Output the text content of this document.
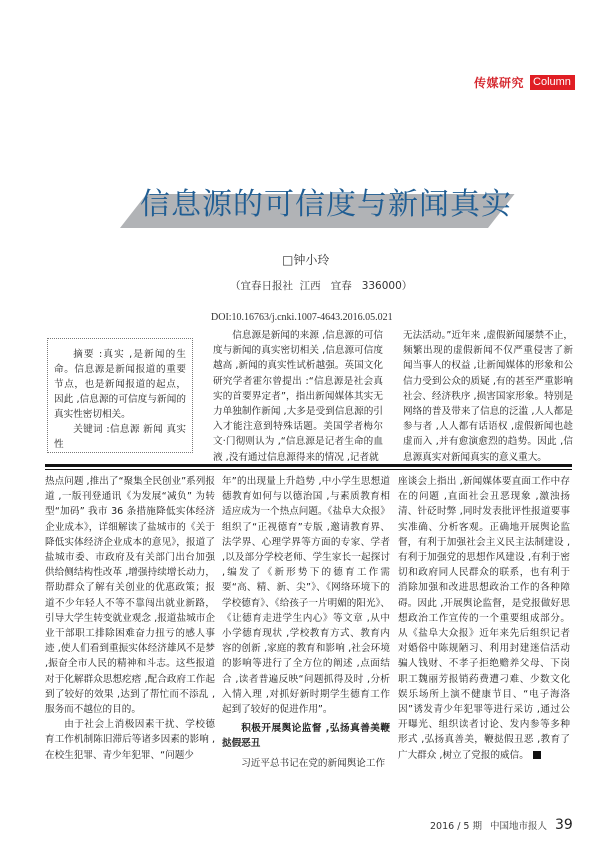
传媒研究 Column
信息源的可信度与新闻真实
□钟小玲
（宜春日报社  江西   宜春   336000）
DOI:10.16763/j.cnki.1007-4643.2016.05.021

摘要 :真实 ,是新闻的生命。信息源是新闻报道的重要节点，也是新闻报道的起点，因此 ,信息源的可信度与新闻的真实性密切相关。

关键词 :信息源 新闻 真实性

信息源是新闻的来源 ,信息源的可信度与新闻的真实密切相关 ,信息源可信度越高 ,新闻的真实性试析越强。英国文化研究学者霍尔曾提出 :“信息源是社会真实的首要界定者”，指出新闻媒体其实无力单独制作新闻 ,大多是受到信息源的引入才能注意到特殊话题。美国学者梅尔文·门彻则认为 ,“信息源是记者生命的血液 ,没有通过信息源得来的情况 ,记者就

无法活动。”近年来 ,虚假新闻屡禁不止，频繁出现的虚假新闻不仅严重侵害了新闻当事人的权益 ,让新闻媒体的形象和公信力受到公众的质疑 ,有的甚至严重影响社会、经济秩序 ,损害国家形象。特别是网络的普及带来了信息的泛滥 ,人人都是参与者 ,人人都有话语权 ,虚假新闻也趁虚而入 ,并有愈演愈烈的趋势。因此 ,信息源真实对新闻真实的意义重大。

热点问题 ,推出了“聚集全民创业”系列报道 ,一版刊登通讯《为发展“减负” 为转型“加码” 我市 36 条措施降低实体经济企业成本》，详细解读了盐城市的《关于降低实体经济企业成本的意见》，报道了盐城市委、市政府及有关部门出台加强供给侧结构性改革 ,增强持续增长动力，帮助群众了解有关创业的优惠政策；报道不少年轻人不等不靠闯出就业新路，引导大学生转变就业观念 ,报道盐城市企业干部职工排除困难奋力扭亏的感人事迹 ,使人们看到重振实体经济雄风不是梦 ,振奋全市人民的精神和斗志。这些报道对于化解群众思想疙瘩 ,配合政府工作起到了较好的效果 ,达到了帮忙而不添乱 ,服务而不越位的目的。

由于社会上消极因素干扰、学校德育工作机制陈旧滞后等诸多因素的影响 ,在校生犯罪、青少年犯罪、“问题少

年”的出现量上升趋势 ,中小学生思想道德教育如何与以德治国 ,与素质教育相适应成为一个热点问题。《盐阜大众报》组织了“正视德育”专版 ,邀请教育界、法学界、心理学界等方面的专家、学者 ,以及部分学校老师、学生家长一起探讨 ,编发了《新形势下的德育工作需要“高、精、新、尖”》、《网络环境下的学校德育》、《给孩子一片明媚的阳光》、《让德育走进学生内心》等文章 ,从中小学德育现状 ,学校教育方式、教育内容的创新 ,家庭的教育和影响 ,社会环境的影响等进行了全方位的阐述 ,点面结合 ,读者普遍反映“问题抓得及时 ,分析入情入理 ,对抓好新时期学生德育工作起到了较好的促进作用”。

积极开展舆论监督 ,弘扬真善美鞭挞假恶丑

习近平总书记在党的新闻舆论工作

座谈会上指出 ,新闻媒体要直面工作中存在的问题 ,直面社会丑恶现象 ,激浊扬清、针砭时弊 ,同时发表批评性报道要事实准确、分析客观。正确地开展舆论监督，有利于加强社会主义民主法制建设 ,有利于加强党的思想作风建设 ,有利于密切和政府同人民群众的联系，也有利于消除加强和改进思想政治工作的各种障碍。因此 ,开展舆论监督，是党报做好思想政治工作宣传的一个重要组成部分。从《盐阜大众报》近年来先后组织记者对婚俗中陈规陋习、利用封建迷信活动骗人钱财、不孝子拒绝赡养父母、下岗职工魏丽芳报销药费遭刁难、少数文化娱乐场所上演不健康节目、“电子海洛因”诱发青少年犯罪等进行采访 ,通过公开曝光、组织读者讨论、发内参等多种形式 ,弘扬真善美，鞭挞假丑恶 ,教育了广大群众 ,树立了党报的威信。

2016 / 5 期 中国地市报人 39
